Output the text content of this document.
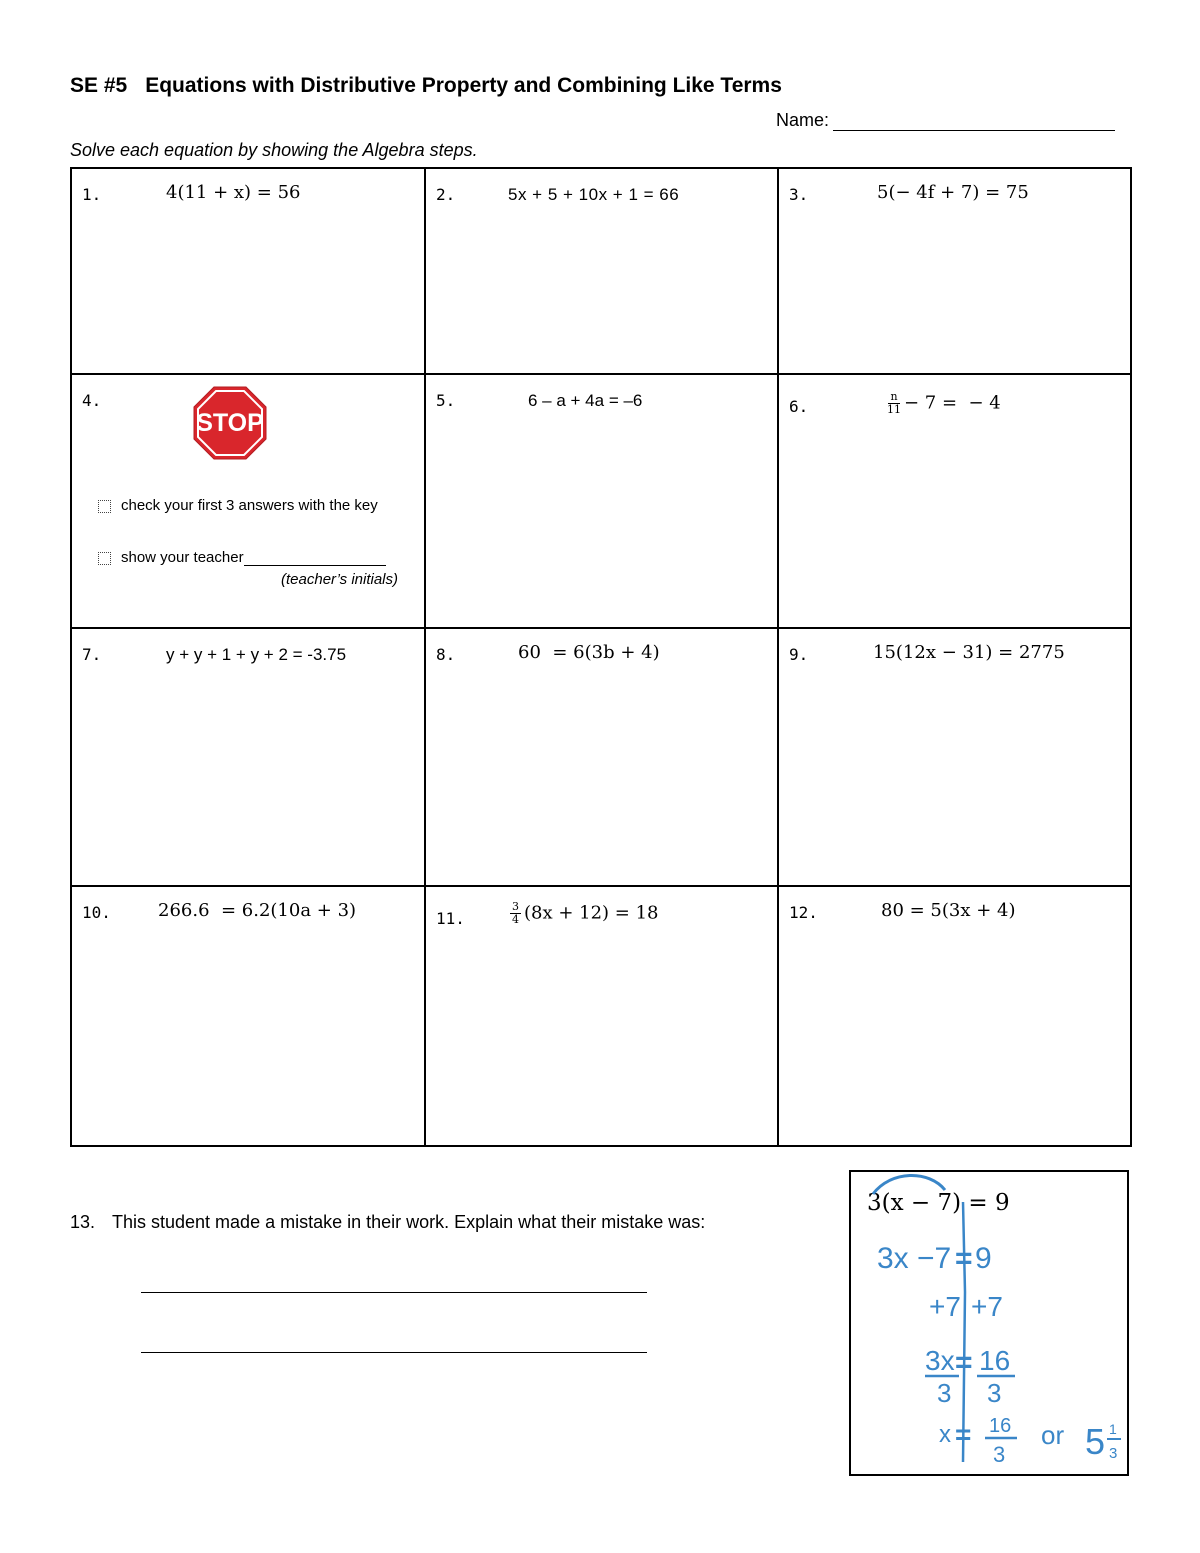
SE #5 Equations with Distributive Property and Combining Like Terms
Name:
Solve each equation by showing the Algebra steps.
1.	4(11 + x) = 56	2.	5x + 5 + 10x + 1 = 66	3.	5(− 4f + 7) = 75
4.
STOP
check your first 3 answers with the key
show your teacher
(teacher’s initials)
5.	6 – a + 4a = –6	6.	$\frac{n}{11} - 7$ =  − 4
7.	y + y + 1 + y + 2 = -3.75	8.	60  = 6(3b + 4)	9.	15(12x − 31) = 2775
10.	266.6  = 6.2(10a + 3)	11.	$\frac{3}{4} (8x + 12) = 18$	12.	80 = 5(3x + 4)
13. This student made a mistake in their work. Explain what their mistake was:
3(x − 7) = 9
3x −7 = 9
+7 +7
3x
3
= 16
3
x = 16
3
or 5 1
3
